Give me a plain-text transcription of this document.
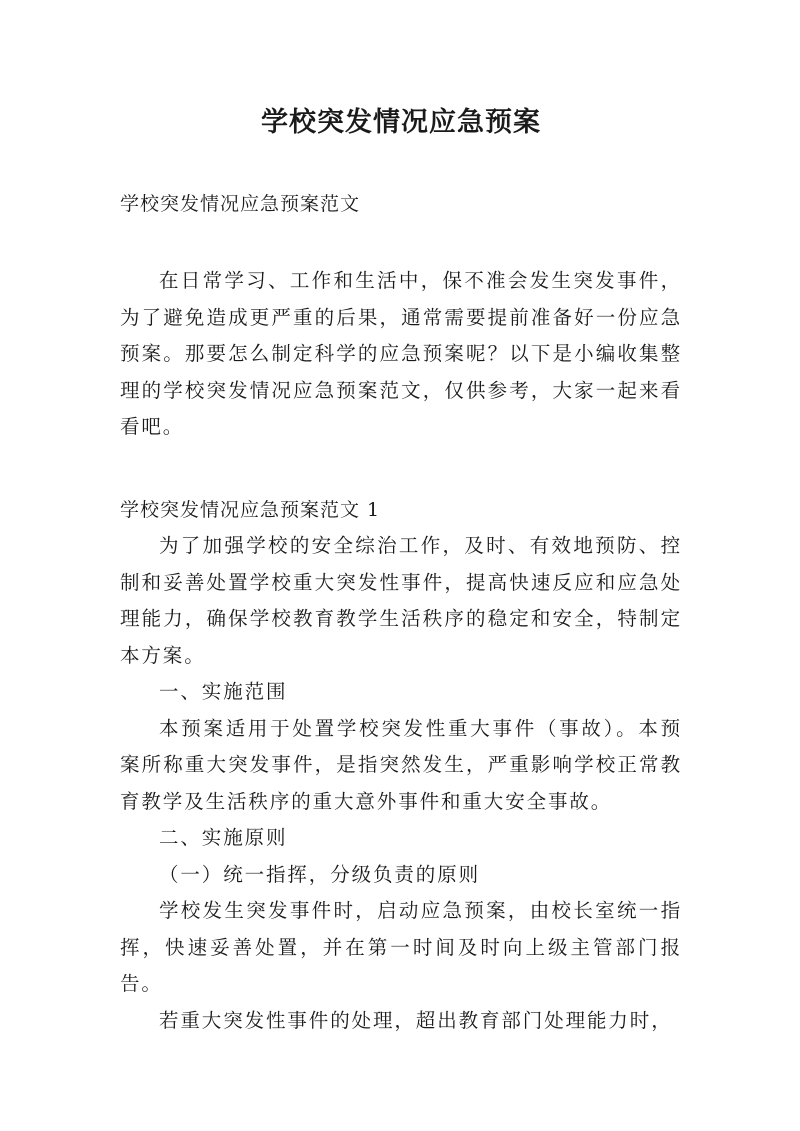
学校突发情况应急预案
学校突发情况应急预案范文

在日常学习、工作和生活中，保不准会发生突发事件，为了避免造成更严重的后果，通常需要提前准备好一份应急预案。那要怎么制定科学的应急预案呢？以下是小编收集整理的学校突发情况应急预案范文，仅供参考，大家一起来看看吧。

学校突发情况应急预案范文 1

为了加强学校的安全综治工作，及时、有效地预防、控制和妥善处置学校重大突发性事件，提高快速反应和应急处理能力，确保学校教育教学生活秩序的稳定和安全，特制定本方案。

一、实施范围

本预案适用于处置学校突发性重大事件（事故）。本预案所称重大突发事件，是指突然发生，严重影响学校正常教育教学及生活秩序的重大意外事件和重大安全事故。

二、实施原则

（一）统一指挥，分级负责的原则

学校发生突发事件时，启动应急预案，由校长室统一指挥，快速妥善处置，并在第一时间及时向上级主管部门报告。

若重大突发性事件的处理，超出教育部门处理能力时，
